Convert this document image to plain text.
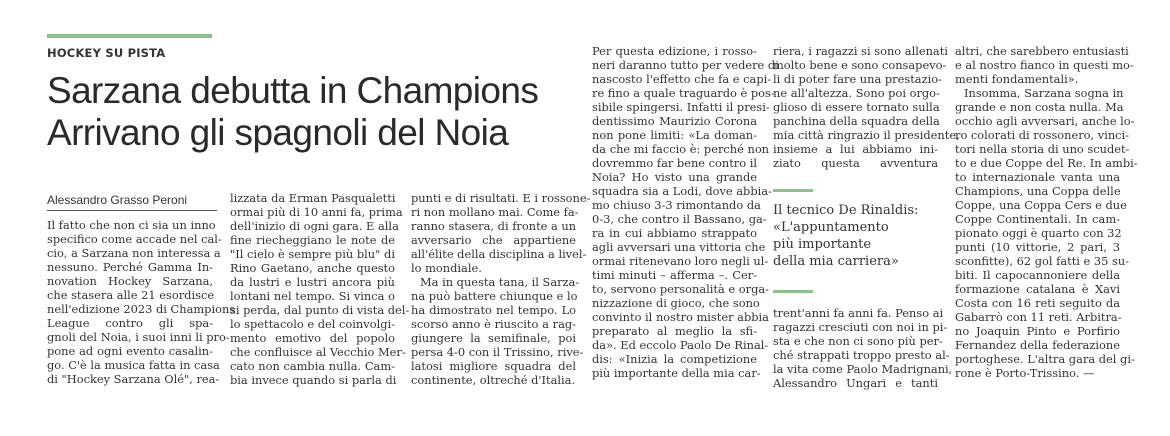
HOCKEY SU PISTA
Sarzana debutta in Champions
Arrivano gli spagnoli del Noia
Alessandro Grasso Peroni
Il fatto che non ci sia un inno
specifico come accade nel cal-
cio, a Sarzana non interessa a
nessuno. Perché Gamma In-
novation Hockey Sarzana,
che stasera alle 21 esordisce
nell'edizione 2023 di Champions
League contro gli spa-
gnoli del Noia, i suoi inni li pro-
pone ad ogni evento casalin-
go. C'è la musica fatta in casa
di "Hockey Sarzana Olé", rea-
lizzata da Erman Pasqualetti
ormai più di 10 anni fa, prima
dell'inizio di ogni gara. E alla
fine riecheggiano le note de
"Il cielo è sempre più blu" di
Rino Gaetano, anche questo
da lustri e lustri ancora più
lontani nel tempo. Si vinca o
si perda, dal punto di vista del-
lo spettacolo e del coinvolgi-
mento emotivo del popolo
che confluisce al Vecchio Mer-
cato non cambia nulla. Cam-
bia invece quando si parla di
punti e di risultati. E i rossone-
ri non mollano mai. Come fa-
ranno stasera, di fronte a un
avversario che appartiene
all'élite della disciplina a livel-
lo mondiale.
Ma in questa tana, il Sarza-
na può battere chiunque e lo
ha dimostrato nel tempo. Lo
scorso anno è riuscito a rag-
giungere la semifinale, poi
persa 4-0 con il Trissino, rive-
latosi migliore squadra del
continente, oltreché d'Italia.
Per questa edizione, i rosso-
neri daranno tutto per vedere di
nascosto l'effetto che fa e capi-
re fino a quale traguardo è pos-
sibile spingersi. Infatti il presi-
dentissimo Maurizio Corona
non pone limiti: «La doman-
da che mi faccio è: perché non
dovremmo far bene contro il
Noia? Ho visto una grande
squadra sia a Lodi, dove abbia-
mo chiuso 3-3 rimontando da
0-3, che contro il Bassano, ga-
ra in cui abbiamo strappato
agli avversari una vittoria che
ormai ritenevano loro negli ul-
timi minuti – afferma –. Cer-
to, servono personalità e orga-
nizzazione di gioco, che sono
convinto il nostro mister abbia
preparato al meglio la sfi-
da». Ed eccolo Paolo De Rinal-
dis: «Inizia la competizione
più importante della mia car-
riera, i ragazzi si sono allenati
molto bene e sono consapevo-
li di poter fare una prestazio-
ne all'altezza. Sono poi orgo-
glioso di essere tornato sulla
panchina della squadra della
mia città ringrazio il presidente,
insieme a lui abbiamo ini-
ziato questa avventura
Il tecnico De Rinaldis:
«L'appuntamento
più importante
della mia carriera»
trent'anni fa anni fa. Penso ai
ragazzi cresciuti con noi in pi-
sta e che non ci sono più per-
ché strappati troppo presto al-
la vita come Paolo Madrignani,
Alessandro Ungari e tanti
altri, che sarebbero entusiasti
e al nostro fianco in questi mo-
menti fondamentali».
Insomma, Sarzana sogna in
grande e non costa nulla. Ma
occhio agli avversari, anche lo-
ro colorati di rossonero, vinci-
tori nella storia di uno scudet-
to e due Coppe del Re. In ambi-
to internazionale vanta una
Champions, una Coppa delle
Coppe, una Coppa Cers e due
Coppe Continentali. In cam-
pionato oggi è quarto con 32
punti (10 vittorie, 2 pari, 3
sconfitte), 62 gol fatti e 35 su-
biti. Il capocannoniere della
formazione catalana è Xavi
Costa con 16 reti seguito da
Gabarrò con 11 reti. Arbitra-
no Joaquin Pinto e Porfirio
Fernandez della federazione
portoghese. L'altra gara del gi-
rone è Porto-Trissino. —
